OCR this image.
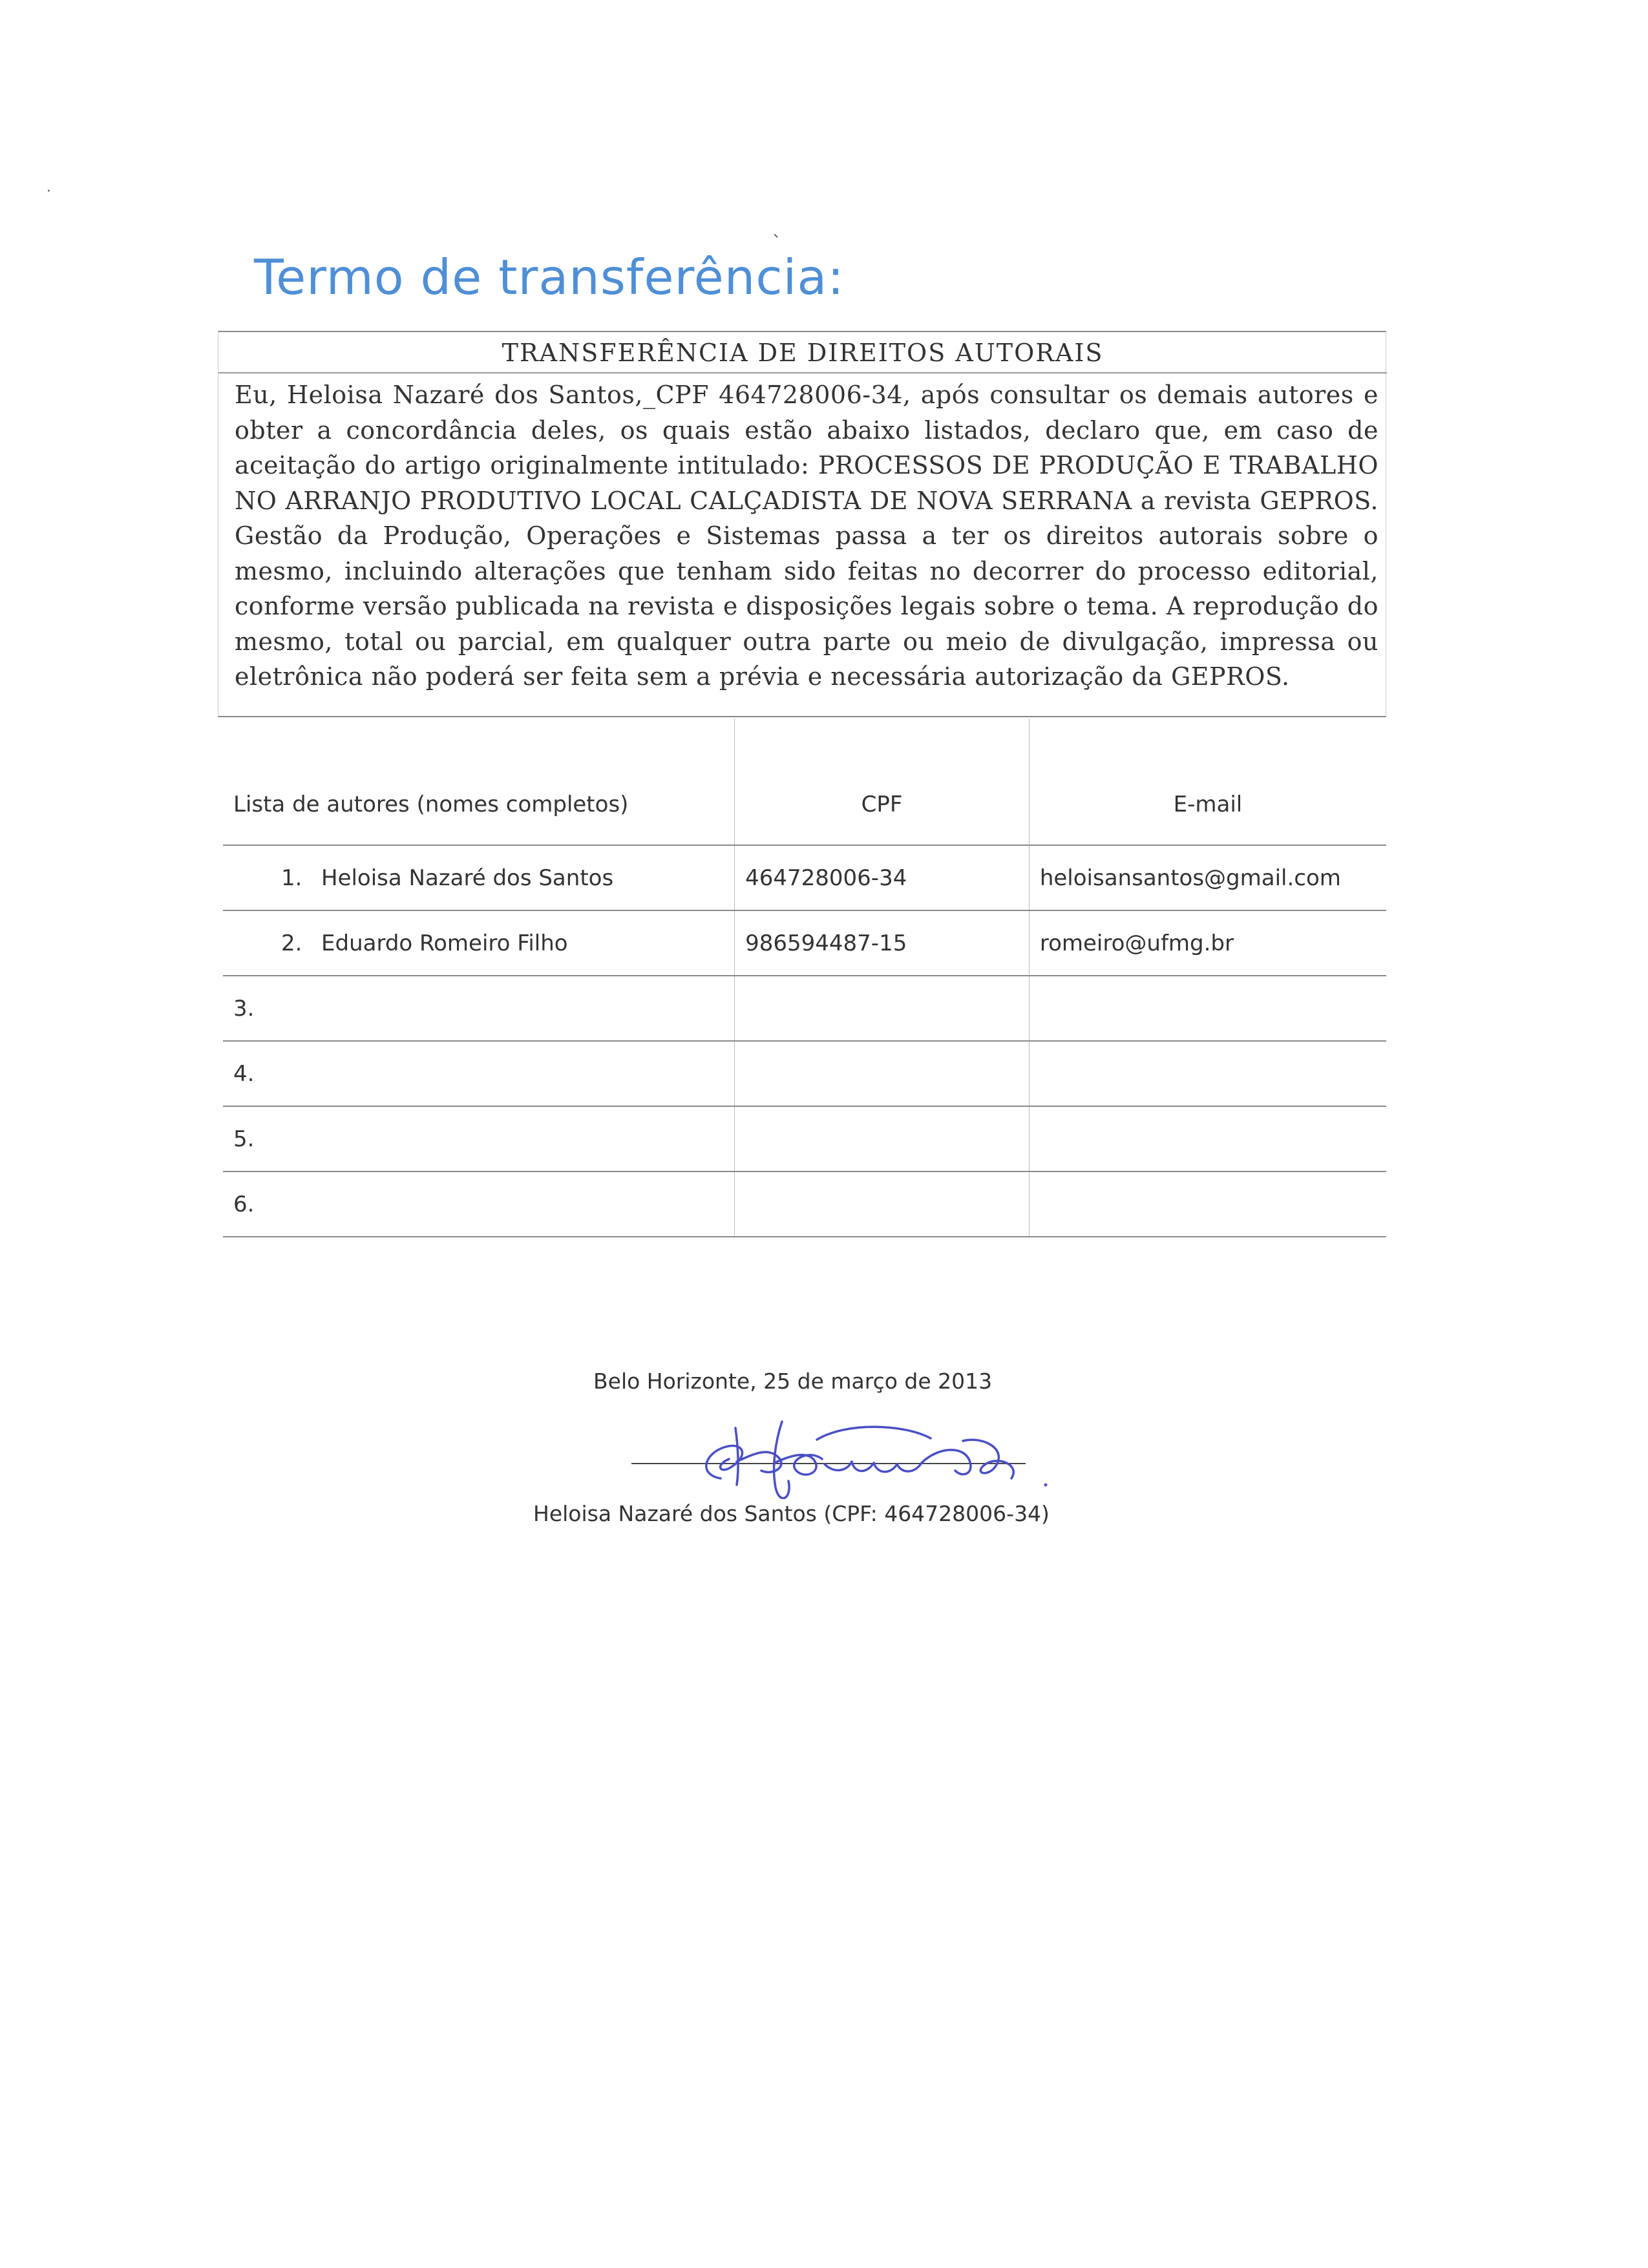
·
ˎ
Termo de transferência:
TRANSFERÊNCIA DE DIREITOS AUTORAIS

Eu, Heloisa Nazaré dos Santos,_CPF 464728006-34, após consultar os demais autores e obter a concordância deles, os quais estão abaixo listados, declaro que, em caso de aceitação do artigo originalmente intitulado: PROCESSOS DE PRODUÇÃO E TRABALHO NO ARRANJO PRODUTIVO LOCAL CALÇADISTA DE NOVA SERRANA a revista GEPROS. Gestão da Produção, Operações e Sistemas passa a ter os direitos autorais sobre o mesmo, incluindo alterações que tenham sido feitas no decorrer do processo editorial, conforme versão publicada na revista e disposições legais sobre o tema. A reprodução do mesmo, total ou parcial, em qualquer outra parte ou meio de divulgação, impressa ou eletrônica não poderá ser feita sem a prévia e necessária autorização da GEPROS.

Lista de autores (nomes completos)	CPF	E-mail
1. Heloisa Nazaré dos Santos	464728006-34	heloisansantos@gmail.com
2. Eduardo Romeiro Filho	986594487-15	romeiro@ufmg.br
3.		
4.		
5.		
6.		
Belo Horizonte, 25 de março de 2013
Heloisa Nazaré dos Santos (CPF: 464728006-34)
